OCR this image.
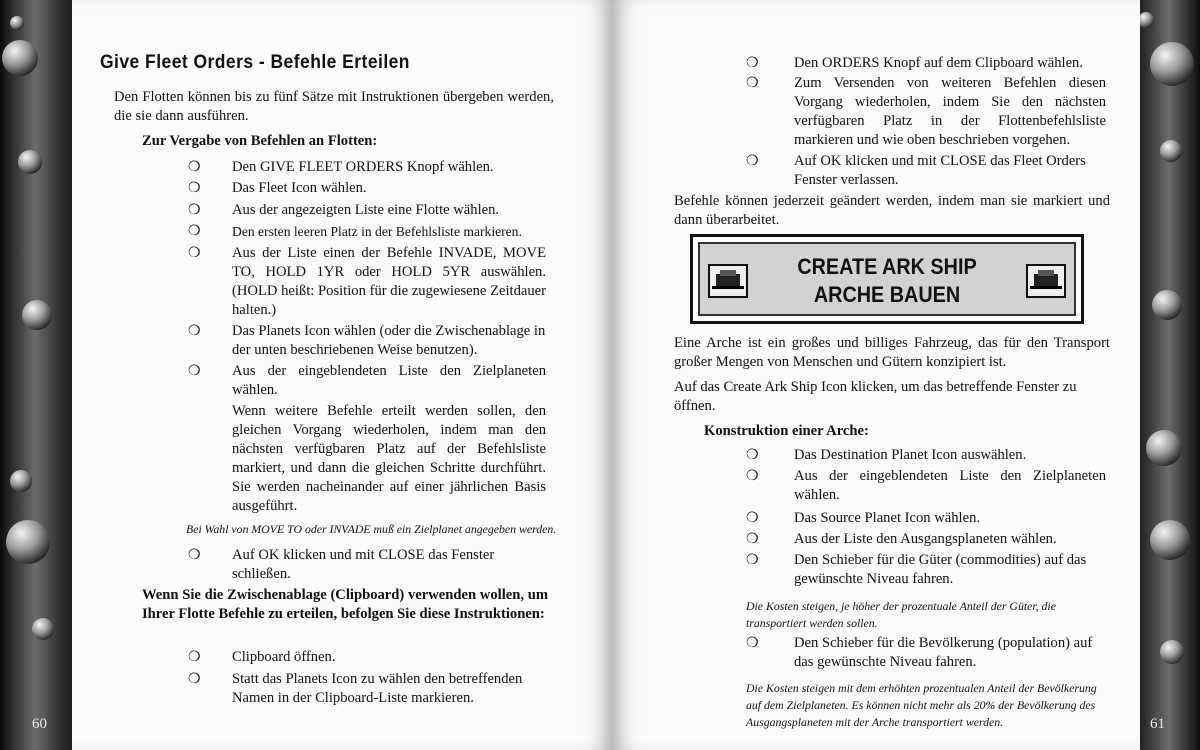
60	61
Give Fleet Orders - Befehle Erteilen
Den Flotten können bis zu fünf Sätze mit Instruktionen übergeben werden, die sie dann ausführen.
Zur Vergabe von Befehlen an Flotten:
❍ Den GIVE FLEET ORDERS Knopf wählen.
❍ Das Fleet Icon wählen.
❍ Aus der angezeigten Liste eine Flotte wählen.
❍ Den ersten leeren Platz in der Befehlsliste markieren.
❍ Aus der Liste einen der Befehle INVADE, MOVE TO, HOLD 1YR oder HOLD 5YR auswählen. (HOLD heißt: Position für die zugewiesene Zeitdauer halten.)
❍ Das Planets Icon wählen (oder die Zwischenablage in der unten beschriebenen Weise benutzen).
❍ Aus der eingeblendeten Liste den Zielplaneten wählen.
Wenn weitere Befehle erteilt werden sollen, den gleichen Vorgang wiederholen, indem man den nächsten verfügbaren Platz auf der Befehlsliste markiert, und dann die gleichen Schritte durchführt. Sie werden nacheinander auf einer jährlichen Basis ausgeführt.
Bei Wahl von MOVE TO oder INVADE muß ein Zielplanet angegeben werden.
❍ Auf OK klicken und mit CLOSE das Fenster schließen.
Wenn Sie die Zwischenablage (Clipboard) verwenden wollen, um Ihrer Flotte Befehle zu erteilen, befolgen Sie diese Instruktionen:
❍ Clipboard öffnen.
❍ Statt das Planets Icon zu wählen den betreffenden Namen in der Clipboard-Liste markieren.
❍ Den ORDERS Knopf auf dem Clipboard wählen.
❍ Zum Versenden von weiteren Befehlen diesen Vorgang wiederholen, indem Sie den nächsten verfügbaren Platz in der Flottenbefehlsliste markieren und wie oben beschrieben vorgehen.
❍ Auf OK klicken und mit CLOSE das Fleet Orders Fenster verlassen.
Befehle können jederzeit geändert werden, indem man sie markiert und dann überarbeitet.
CREATE ARK SHIP
ARCHE BAUEN
Eine Arche ist ein großes und billiges Fahrzeug, das für den Transport großer Mengen von Menschen und Gütern konzipiert ist.
Auf das Create Ark Ship Icon klicken, um das betreffende Fenster zu öffnen.
Konstruktion einer Arche:
❍ Das Destination Planet Icon auswählen.
❍ Aus der eingeblendeten Liste den Zielplaneten wählen.
❍ Das Source Planet Icon wählen.
❍ Aus der Liste den Ausgangsplaneten wählen.
❍ Den Schieber für die Güter (commodities) auf das gewünschte Niveau fahren.
Die Kosten steigen, je höher der prozentuale Anteil der Güter, die transportiert werden sollen.
❍ Den Schieber für die Bevölkerung (population) auf das gewünschte Niveau fahren.
Die Kosten steigen mit dem erhöhten prozentualen Anteil der Bevölkerung auf dem Zielplaneten. Es können nicht mehr als 20% der Bevölkerung des Ausgangsplaneten mit der Arche transportiert werden.
